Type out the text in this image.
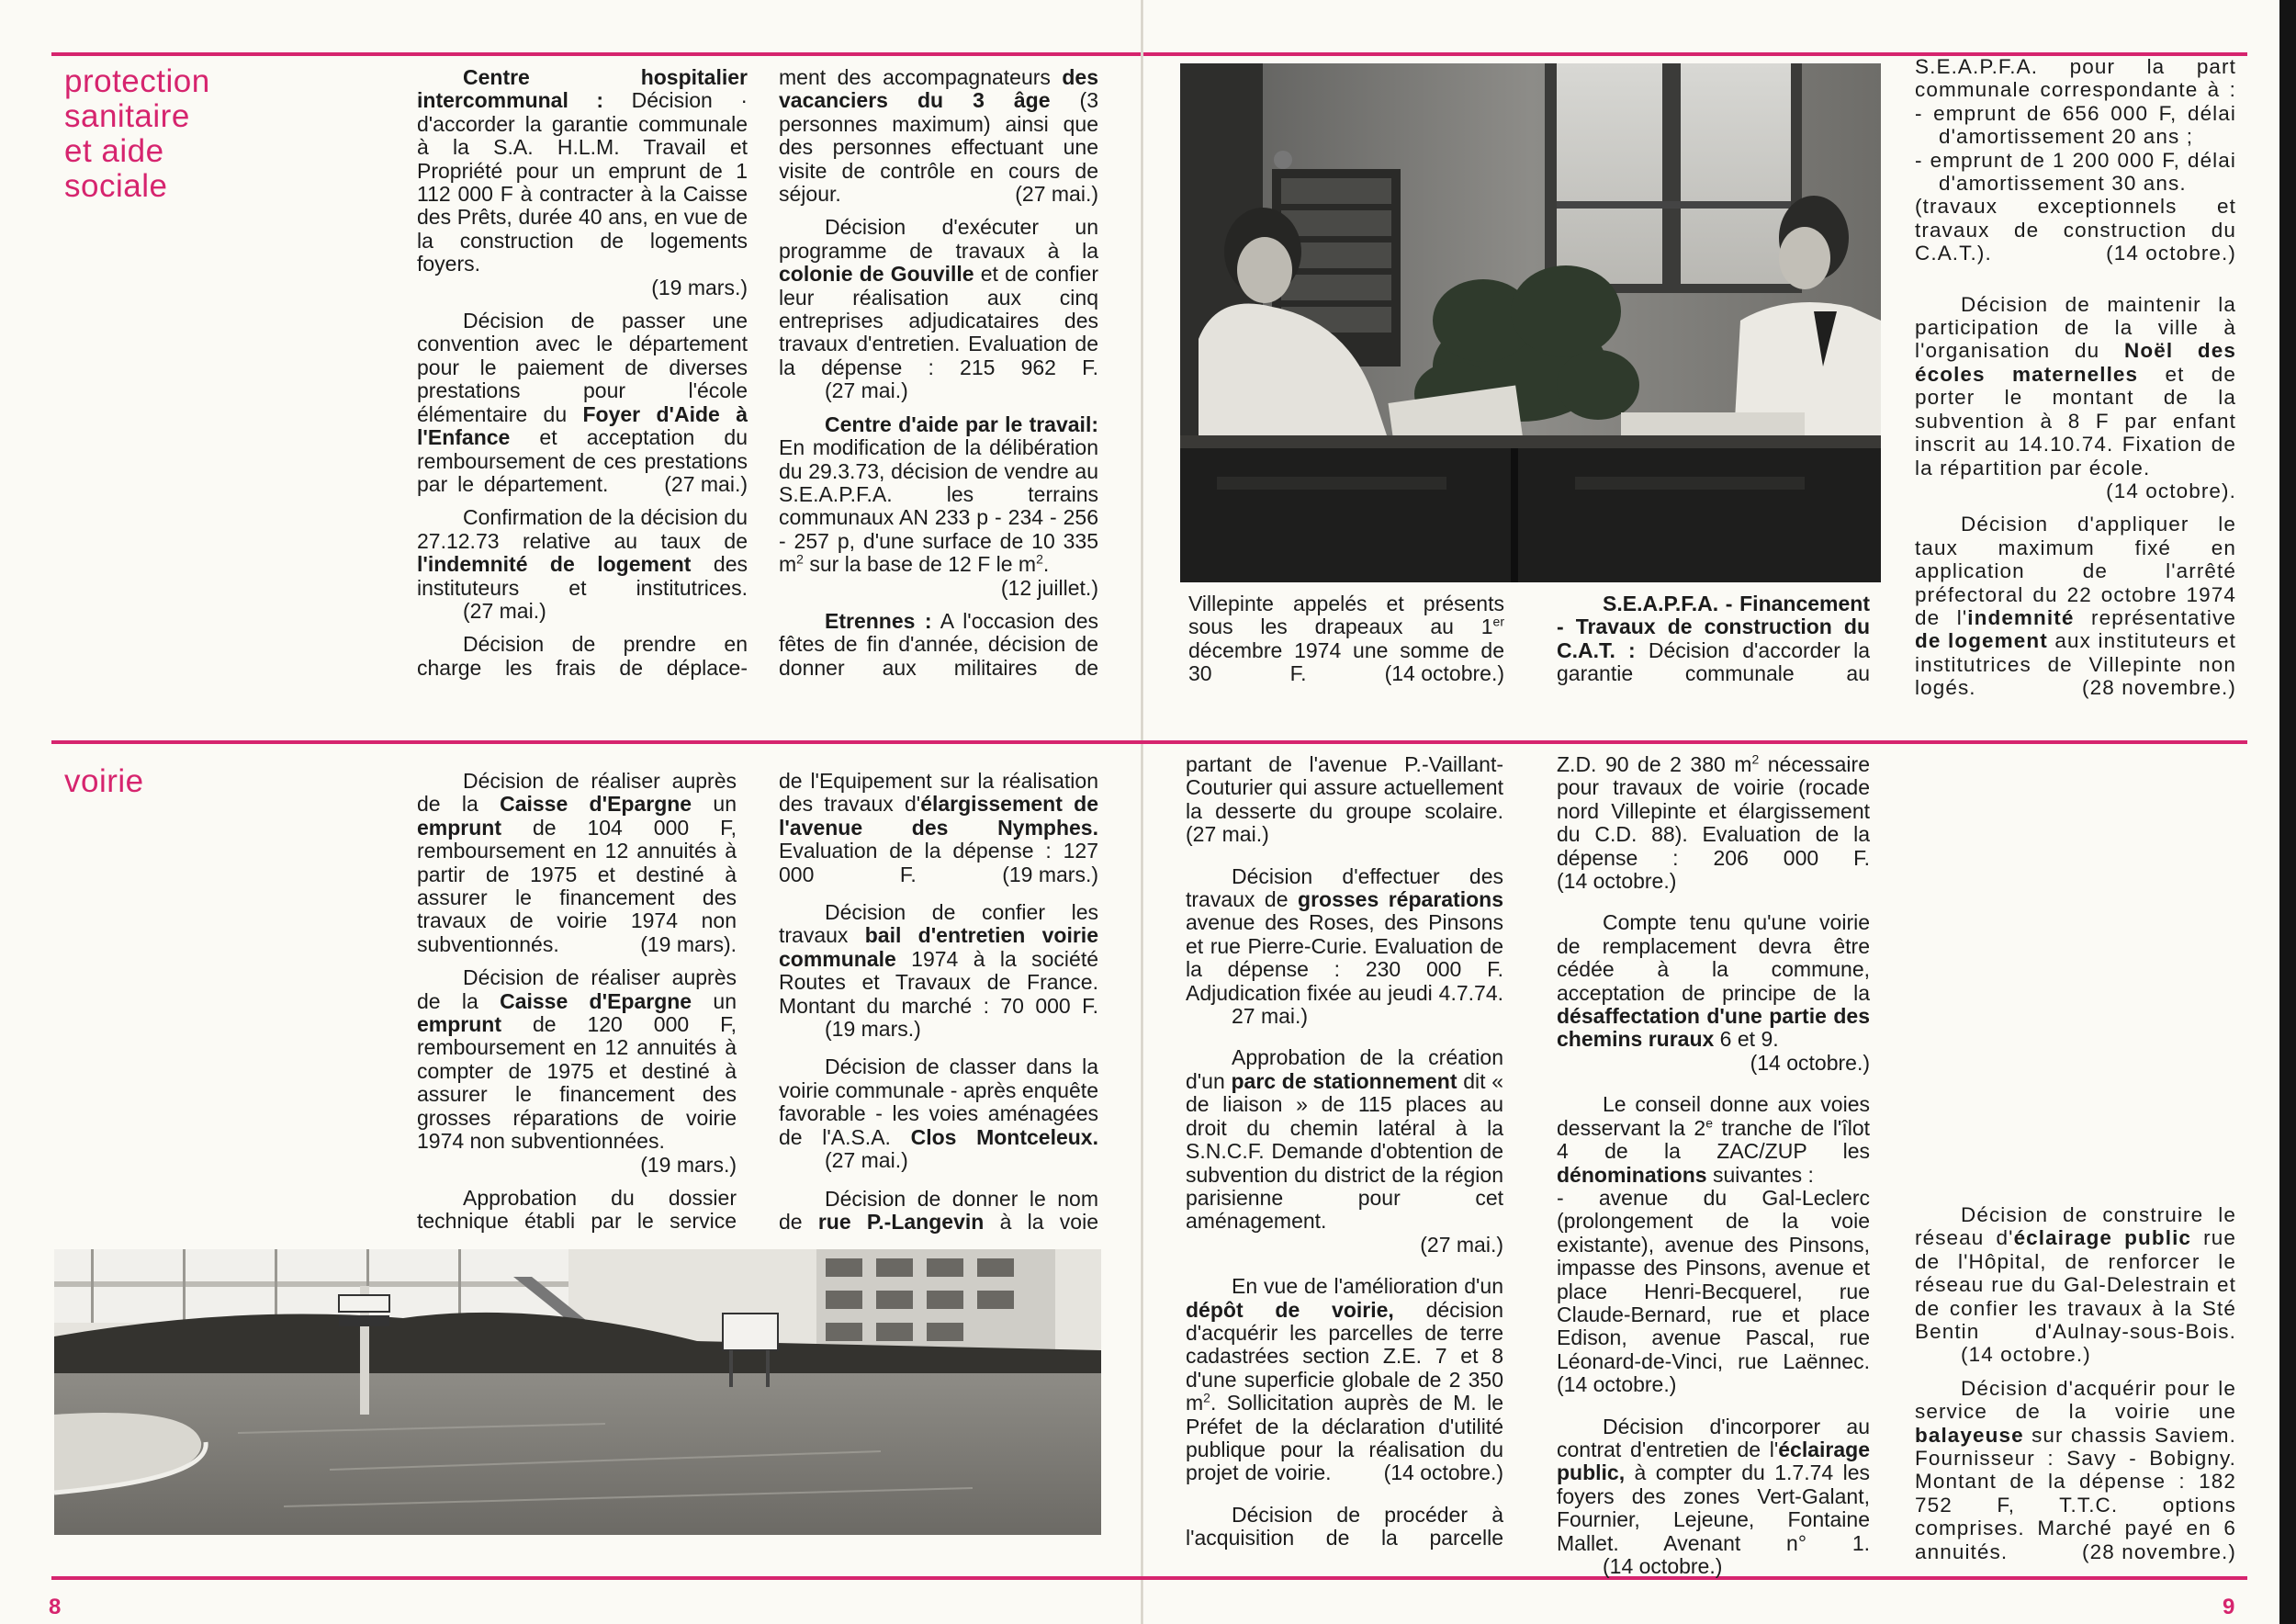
protection
sanitaire
et aide
sociale
voirie

Centre hospitalier intercommunal : Décision · d'accorder la garantie communale à la S.A. H.L.M. Travail et Propriété pour un emprunt de 1 112 000 F à contracter à la Caisse des Prêts, durée 40 ans, en vue de la construction de logements foyers.
(19 mars.)

Décision de passer une convention avec le département pour le paiement de diverses prestations pour l'école élémentaire du Foyer d'Aide à l'Enfance et acceptation du remboursement de ces prestations par le département.	(27 mai.)

Confirmation de la décision du 27.12.73 relative au taux de l'indemnité de logement des instituteurs et institutrices. (27 mai.)

Décision de prendre en charge les frais de déplace-

ment des accompagnateurs des vacanciers du 3 âge (3 personnes maximum) ainsi que des personnes effectuant une visite de contrôle en cours de séjour.	(27 mai.)

Décision d'exécuter un programme de travaux à la colonie de Gouville et de confier leur réalisation aux cinq entreprises adjudicataires des travaux d'entretien. Evaluation de la dépense : 215 962 F. (27 mai.)

Centre d'aide par le travail: En modification de la délibération du 29.3.73, décision de vendre au S.E.A.P.F.A. les terrains communaux AN 233 p - 234 - 256 - 257 p, d'une surface de 10 335 $m^2$ sur la base de 12 F le $m^2$.
(12 juillet.)

Etrennes : A l'occasion des fêtes de fin d'année, décision de donner aux militaires de

Villepinte appelés et présents sous les drapeaux au 1er décembre 1974 une somme de 30 F.	(14 octobre.)

S.E.A.P.F.A. - Financement - Travaux de construction du C.A.T. : Décision d'accorder la garantie communale au

S.E.A.P.F.A. pour la part communale correspondante à :

- emprunt de 656 000 F, délai d'amortissement 20 ans ;

- emprunt de 1 200 000 F, délai d'amortissement 30 ans.

(travaux exceptionnels et travaux de construction du C.A.T.).	(14 octobre.)

Décision de maintenir la participation de la ville à l'organisation du Noël des écoles maternelles et de porter le montant de la subvention à 8 F par enfant inscrit au 14.10.74. Fixation de la répartition par école.
(14 octobre).

Décision d'appliquer le taux maximum fixé en application de l'arrêté préfectoral du 22 octobre 1974 de l'indemnité représentative de logement aux instituteurs et institutrices de Villepinte non logés.	(28 novembre.)

Décision de réaliser auprès de la Caisse d'Epargne un emprunt de 104 000 F, remboursement en 12 annuités à partir de 1975 et destiné à assurer le financement des travaux de voirie 1974 non subventionnés.	(19 mars).

Décision de réaliser auprès de la Caisse d'Epargne un emprunt de 120 000 F, remboursement en 12 annuités à compter de 1975 et destiné à assurer le financement des grosses réparations de voirie 1974 non subventionnées.
(19 mars.)

Approbation du dossier technique établi par le service

de l'Equipement sur la réalisation des travaux d'élargissement de l'avenue des Nymphes. Evaluation de la dépense : 127 000 F.	(19 mars.)

Décision de confier les travaux bail d'entretien voirie communale 1974 à la société Routes et Travaux de France. Montant du marché : 70 000 F. (19 mars.)

Décision de classer dans la voirie communale - après enquête favorable - les voies aménagées de l'A.S.A. Clos Montceleux. (27 mai.)

Décision de donner le nom de rue P.-Langevin à la voie

partant de l'avenue P.-Vaillant-Couturier qui assure actuellement la desserte du groupe scolaire. (27 mai.)

Décision d'effectuer des travaux de grosses réparations avenue des Roses, des Pinsons et rue Pierre-Curie. Evaluation de la dépense : 230 000 F. Adjudication fixée au jeudi 4.7.74. 27 mai.)

Approbation de la création d'un parc de stationnement dit « de liaison » de 115 places au droit du chemin latéral à la S.N.C.F. Demande d'obtention de subvention du district de la région parisienne pour cet aménagement.
(27 mai.)

En vue de l'amélioration d'un dépôt de voirie, décision d'acquérir les parcelles de terre cadastrées section Z.E. 7 et 8 d'une superficie globale de 2 350 $m^2$. Sollicitation auprès de M. le Préfet de la déclaration d'utilité publique pour la réalisation du projet de voirie. (14 octobre.)

Décision de procéder à l'acquisition de la parcelle

Z.D. 90 de 2 380 $m^2$ nécessaire pour travaux de voirie (rocade nord Villepinte et élargissement du C.D. 88). Evaluation de la dépense : 206 000 F. (14 octobre.)

Compte tenu qu'une voirie de remplacement devra être cédée à la commune, acceptation de principe de la désaffectation d'une partie des chemins ruraux 6 et 9.
(14 octobre.)

Le conseil donne aux voies desservant la 2e tranche de l'îlot 4 de la ZAC/ZUP les dénominations suivantes :

- avenue du Gal-Leclerc (prolongement de la voie existante), avenue des Pinsons, impasse des Pinsons, avenue et place Henri-Becquerel, rue Claude-Bernard, rue et place Edison, avenue Pascal, rue Léonard-de-Vinci, rue Laënnec. (14 octobre.)

Décision d'incorporer au contrat d'entretien de l'éclairage public, à compter du 1.7.74 les foyers des zones Vert-Galant, Fournier, Lejeune, Fontaine Mallet. Avenant n° 1. (14 octobre.)

Décision de construire le réseau d'éclairage public rue de l'Hôpital, de renforcer le réseau rue du Gal-Delestrain et de confier les travaux à la Sté Bentin d'Aulnay-sous-Bois. (14 octobre.)

Décision d'acquérir pour le service de la voirie une balayeuse sur chassis Saviem. Fournisseur : Savy - Bobigny. Montant de la dépense : 182 752 F, T.T.C. options comprises. Marché payé en 6 annuités.	(28 novembre.)

8	9
